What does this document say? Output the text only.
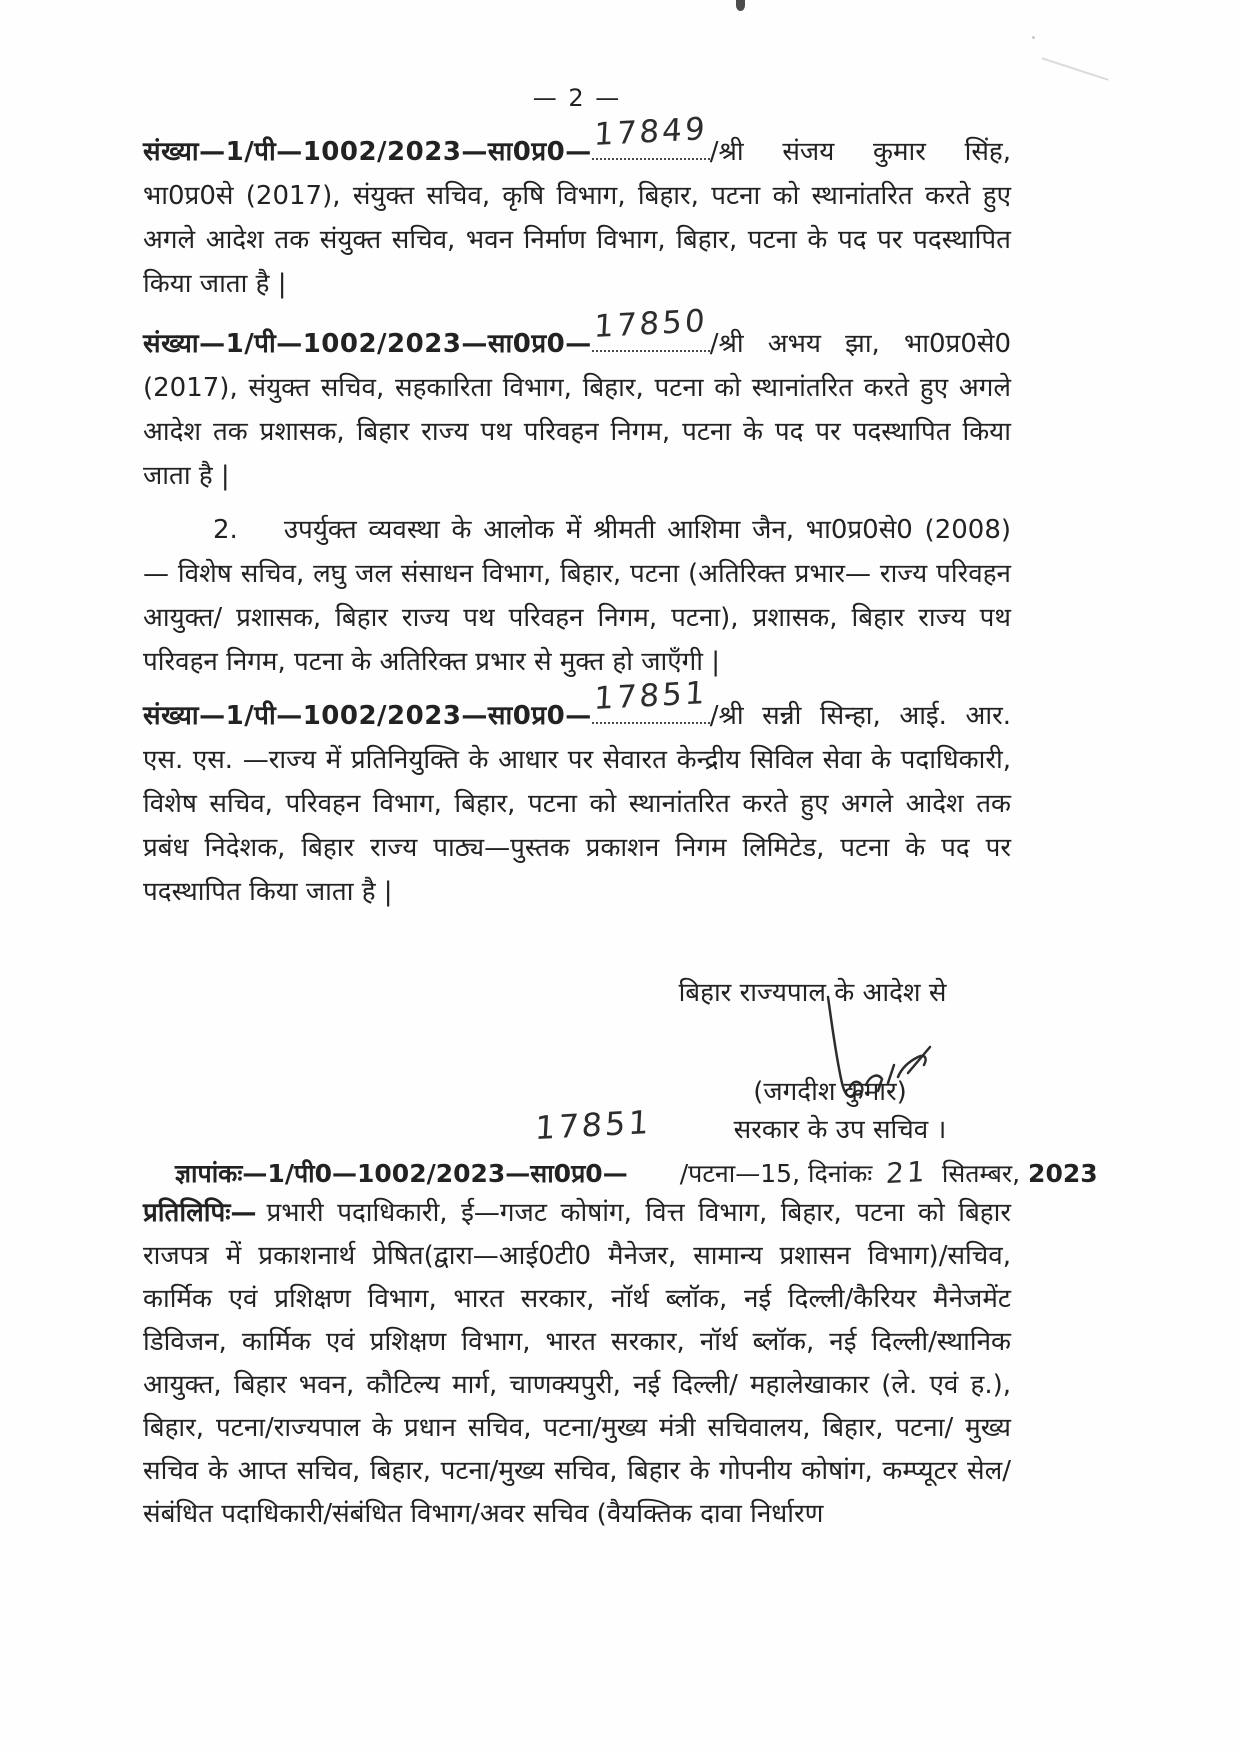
— 2 —
संख्या—1/पी—1002/2023—सा0प्र0— 17849 /श्री संजय कुमार सिंह, भा0प्र0से (2017), संयुक्त सचिव, कृषि विभाग, बिहार, पटना को स्थानांतरित करते हुए अगले आदेश तक संयुक्त सचिव, भवन निर्माण विभाग, बिहार, पटना के पद पर पदस्थापित किया जाता है |
संख्या—1/पी—1002/2023—सा0प्र0— 17850 /श्री अभय झा, भा0प्र0से0 (2017), संयुक्त सचिव, सहकारिता विभाग, बिहार, पटना को स्थानांतरित करते हुए अगले आदेश तक प्रशासक, बिहार राज्य पथ परिवहन निगम, पटना के पद पर पदस्थापित किया जाता है |
2. उपर्युक्त व्यवस्था के आलोक में श्रीमती आशिमा जैन, भा0प्र0से0 (2008) — विशेष सचिव, लघु जल संसाधन विभाग, बिहार, पटना (अतिरिक्त प्रभार— राज्य परिवहन आयुक्त/ प्रशासक, बिहार राज्य पथ परिवहन निगम, पटना), प्रशासक, बिहार राज्य पथ परिवहन निगम, पटना के अतिरिक्त प्रभार से मुक्त हो जाएँगी |
संख्या—1/पी—1002/2023—सा0प्र0— 17851 /श्री सन्नी सिन्हा, आई. आर. एस. एस. —राज्य में प्रतिनियुक्ति के आधार पर सेवारत केन्द्रीय सिविल सेवा के पदाधिकारी, विशेष सचिव, परिवहन विभाग, बिहार, पटना को स्थानांतरित करते हुए अगले आदेश तक प्रबंध निदेशक, बिहार राज्य पाठ्य—पुस्तक प्रकाशन निगम लिमिटेड, पटना के पद पर पदस्थापित किया जाता है |
बिहार राज्यपाल के आदेश से
(जगदीश कुमार)
17851	सरकार के उप सचिव ।
ज्ञापांकः—1/पी0—1002/2023—सा0प्र0— /पटना—15, दिनांकः 21 सितम्बर, 2023
प्रतिलिपिः— प्रभारी पदाधिकारी, ई—गजट कोषांग, वित्त विभाग, बिहार, पटना को बिहार राजपत्र में प्रकाशनार्थ प्रेषित(द्वारा—आई0टी0 मैनेजर, सामान्य प्रशासन विभाग)/सचिव, कार्मिक एवं प्रशिक्षण विभाग, भारत सरकार, नॉर्थ ब्लॉक, नई दिल्ली/कैरियर मैनेजमेंट डिविजन, कार्मिक एवं प्रशिक्षण विभाग, भारत सरकार, नॉर्थ ब्लॉक, नई दिल्ली/स्थानिक आयुक्त, बिहार भवन, कौटिल्य मार्ग, चाणक्यपुरी, नई दिल्ली/ महालेखाकार (ले. एवं ह.), बिहार, पटना/राज्यपाल के प्रधान सचिव, पटना/मुख्य मंत्री सचिवालय, बिहार, पटना/ मुख्य सचिव के आप्त सचिव, बिहार, पटना/मुख्य सचिव, बिहार के गोपनीय कोषांग, कम्प्यूटर सेल/संबंधित पदाधिकारी/संबंधित विभाग/अवर सचिव (वैयक्तिक दावा निर्धारण
